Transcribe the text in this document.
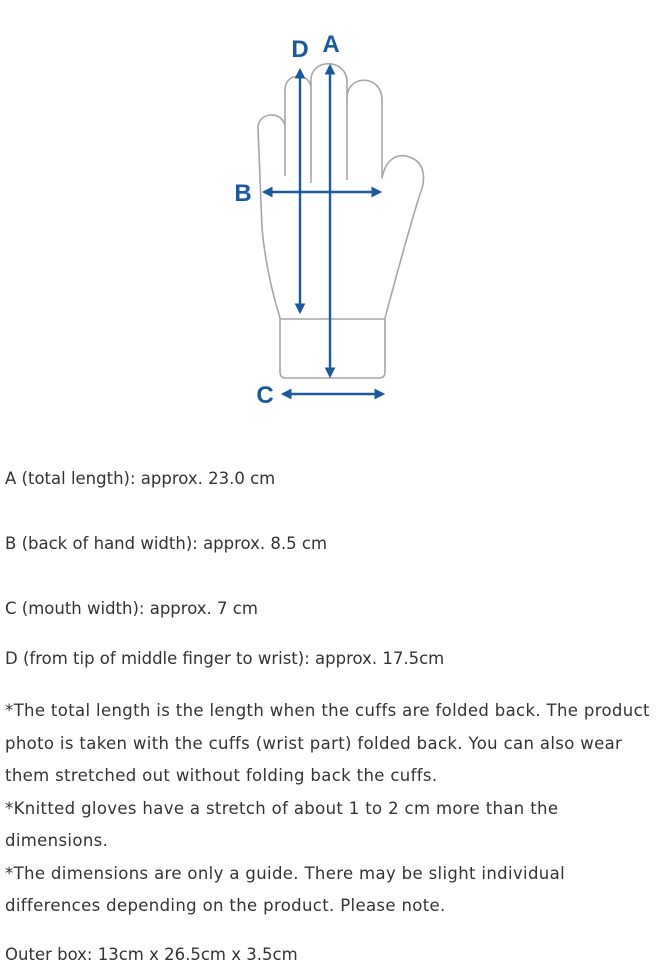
D A
B
C

A (total length): approx. 23.0 cm

B (back of hand width): approx. 8.5 cm

C (mouth width): approx. 7 cm

D (from tip of middle finger to wrist): approx. 17.5cm

*The total length is the length when the cuffs are folded back. The product photo is taken with the cuffs (wrist part) folded back. You can also wear them stretched out without folding back the cuffs.

*Knitted gloves have a stretch of about 1 to 2 cm more than the dimensions.

*The dimensions are only a guide. There may be slight individual differences depending on the product. Please note.

Outer box: 13cm x 26.5cm x 3.5cm
